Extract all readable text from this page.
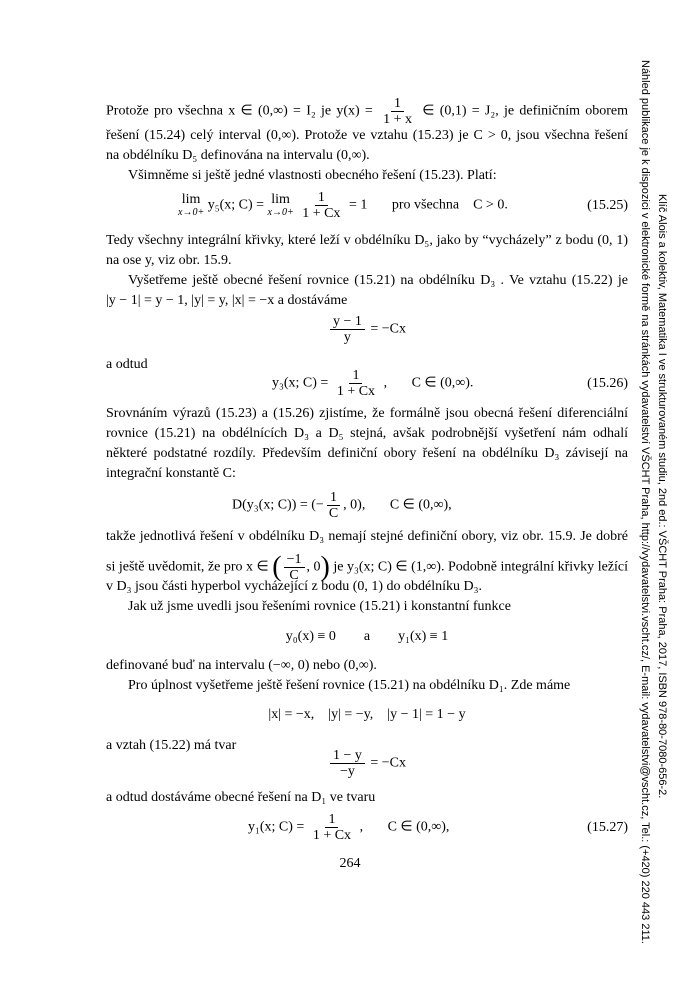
Protože pro všechna x ∈ (0,∞) = I₂ je $y(x) = \frac{1}{1 + x}$ ∈ (0,1) = J₂, je definičním oborem
řešení (15.24) celý interval (0,∞). Protože ve vztahu (15.23) je C > 0, jsou všechna řešení
na obdélníku D₅ definována na intervalu (0,∞).
Všimněme si ještě jedné vlastnosti obecného řešení (15.23). Platí:
lim
x→0+ y₅(x; C) = lim
x→0+
$\frac{1}{1 + Cx} = 1$       pro všechna    C > 0.	(15.25)
Tedy všechny integrální křivky, které leží v obdélníku D₅, jako by “vycházely” z bodu (0, 1)
na ose y, viz obr. 15.9.
Vyšetřeme ještě obecné řešení rovnice (15.21) na obdélníku D₃ . Ve vztahu (15.22) je
|y − 1| = y − 1, |y| = y, |x| = −x a dostáváme
$\frac{y - 1}{y} = -Cx$
a odtud
y₃(x; $C) = \frac{1}{1 + Cx}$ ,       C ∈ (0,∞).	(15.26)
Srovnáním výrazů (15.23) a (15.26) zjistíme, že formálně jsou obecná řešení diferenciální
rovnice (15.21) na obdélnících D₃ a D₅ stejná, avšak podrobnější vyšetření nám odhalí
některé podstatné rozdíly. Především definiční obory řešení na obdélníku D₃ závisejí na
integrační konstantě C:
D(y₃(x; C)) = (− $\frac{1}{C}$ , 0),       C ∈ (0,∞),
takže jednotlivá řešení v obdélníku D₃ nemají stejné definiční obory, viz obr. 15.9. Je dobré
si ještě uvědomit, že pro x ∈ ( $\frac{-1}{C}$ , 0) je y₃(x; C) ∈ (1,∞). Podobně integrální křivky ležící
v D₃ jsou části hyperbol vycházející z bodu (0, 1) do obdélníku D₃.
Jak už jsme uvedli jsou řešeními rovnice (15.21) i konstantní funkce
y₀(x) ≡ 0        a        y₁(x) ≡ 1
definované buď na intervalu (−∞, 0) nebo (0,∞).
Pro úplnost vyšetřeme ještě řešení rovnice (15.21) na obdélníku D₁. Zde máme
|x| = −x,    |y| = −y,    |y − 1| = 1 − y
a vztah (15.22) má tvar
$\frac{1 - y}{-y} = -Cx$
a odtud dostáváme obecné řešení na D₁ ve tvaru
y₁(x; $C) = \frac{1}{1 + Cx}$ ,       C ∈ (0,∞),	(15.27)
264
Klíč Alois a kolektiv, Matematika I ve strukturovaném studiu, 2nd ed.: VŠCHT Praha: Praha, 2017, ISBN 978-80-7080-656-2.
Náhled publikace je k dispozici v elektronické formě na stránkách vydavatelství VŠCHT Praha, http://vydavatelstvi.vscht.cz/, E-mail: vydavatelstvi@vscht.cz, Tel.: (+420) 220 443 211.
